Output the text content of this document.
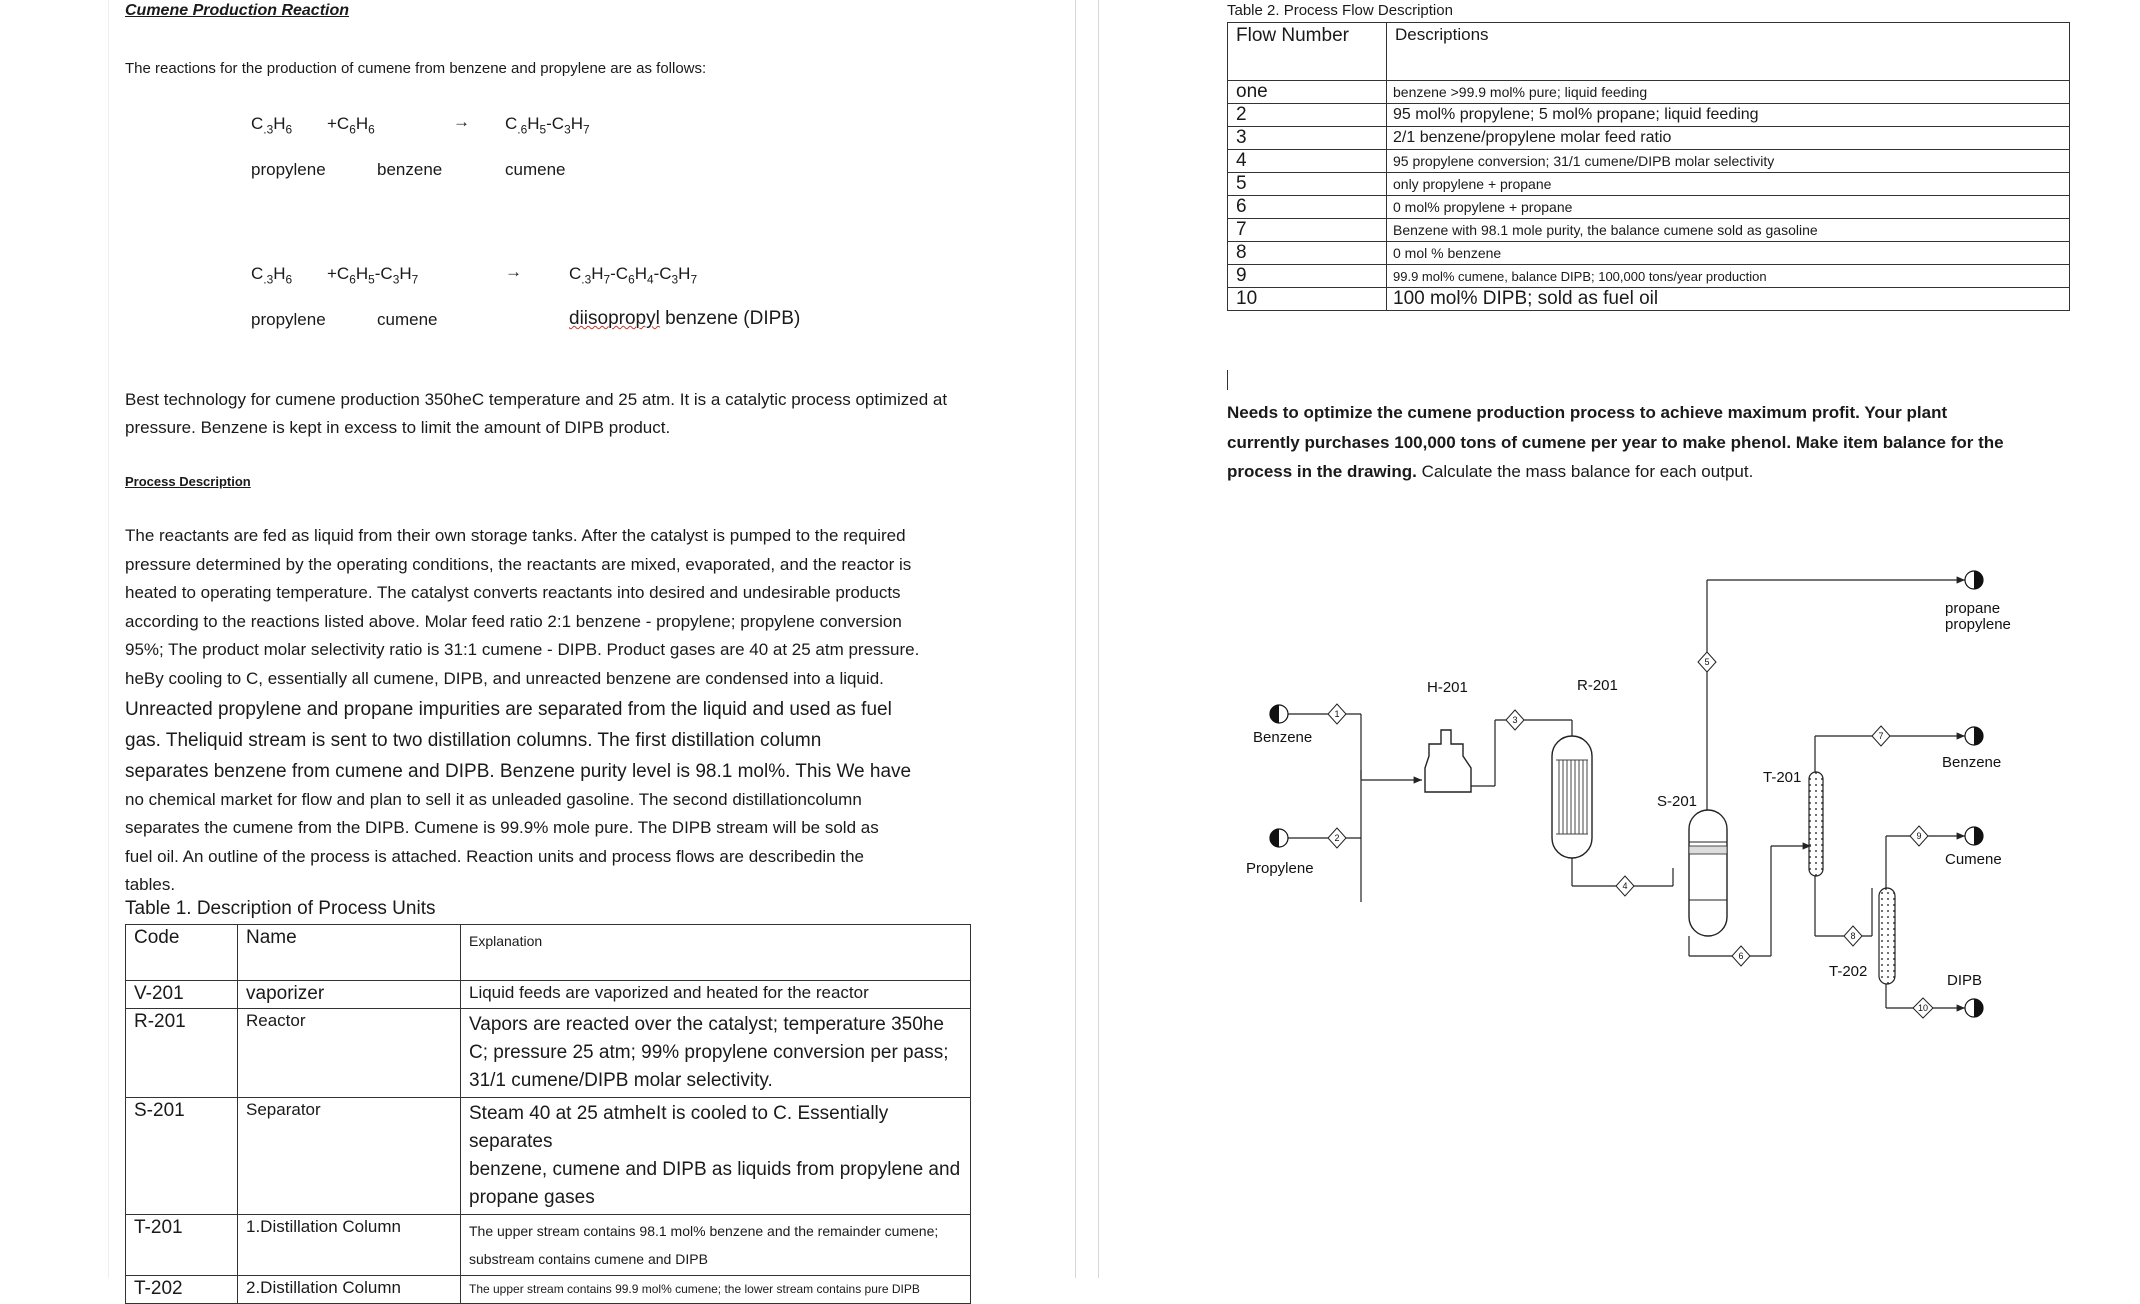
Cumene Production Reaction
The reactions for the production of cumene from benzene and propylene are as follows:
$C_{.3}H_6 +C_6H_6$	→ $C_{.6}H_5-C_3H_7$
propylene	benzene	cumene
$C_{.3}H_6 +C_6H_5-C_3H_7$	→	$C_{.3}H_7-C_6H_4-C_3H_7$
propylene	cumene	diisopropyl benzene (DIPB)
Best technology for cumene production 350heC temperature and 25 atm. It is a catalytic process optimized at
pressure. Benzene is kept in excess to limit the amount of DIPB product.
Process Description
The reactants are fed as liquid from their own storage tanks. After the catalyst is pumped to the required
pressure determined by the operating conditions, the reactants are mixed, evaporated, and the reactor is
heated to operating temperature. The catalyst converts reactants into desired and undesirable products
according to the reactions listed above. Molar feed ratio 2:1 benzene - propylene; propylene conversion
95%; The product molar selectivity ratio is 31:1 cumene - DIPB. Product gases are 40 at 25 atm pressure.
heBy cooling to C, essentially all cumene, DIPB, and unreacted benzene are condensed into a liquid.
Unreacted propylene and propane impurities are separated from the liquid and used as fuel
gas. Theliquid stream is sent to two distillation columns. The first distillation column
separates benzene from cumene and DIPB. Benzene purity level is 98.1 mol%. This We have
no chemical market for flow and plan to sell it as unleaded gasoline. The second distillationcolumn
separates the cumene from the DIPB. Cumene is 99.9% mole pure. The DIPB stream will be sold as
fuel oil. An outline of the process is attached. Reaction units and process flows are describedin the
tables.
Table 1. Description of Process Units
Code	Name	Explanation
V-201	vaporizer	Liquid feeds are vaporized and heated for the reactor
R-201	Reactor	Vapors are reacted over the catalyst; temperature 350he
C; pressure 25 atm; 99% propylene conversion per pass;
31/1 cumene/DIPB molar selectivity.

S-201	Separator	Steam 40 at 25 atmheIt is cooled to C. Essentially separates
benzene, cumene and DIPB as liquids from propylene and
propane gases

T-201	1.Distillation Column	The upper stream contains 98.1 mol% benzene and the remainder cumene;
substream contains cumene and DIPB

T-202	2.Distillation Column	The upper stream contains 99.9 mol% cumene; the lower stream contains pure DIPB
Table 2. Process Flow Description
Flow Number	Descriptions
one	benzene >99.9 mol% pure; liquid feeding
2	95 mol% propylene; 5 mol% propane; liquid feeding
3	2/1 benzene/propylene molar feed ratio
4	95 propylene conversion; 31/1 cumene/DIPB molar selectivity
5	only propylene + propane
6	0 mol% propylene + propane
7	Benzene with 98.1 mole purity, the balance cumene sold as gasoline
8	0 mol % benzene
9	99.9 mol% cumene, balance DIPB; 100,000 tons/year production
10	100 mol% DIPB; sold as fuel oil
Needs to optimize the cumene production process to achieve maximum profit. Your plant
currently purchases 100,000 tons of cumene per year to make phenol. Make item balance for the
process in the drawing. Calculate the mass balance for each output.
1
2
3
4
5
6
7
8
9
10
H-201	R-201
S-201
T-201
T-202
Benzene
Propylene
propane
propylene
Benzene
Cumene
DIPB
